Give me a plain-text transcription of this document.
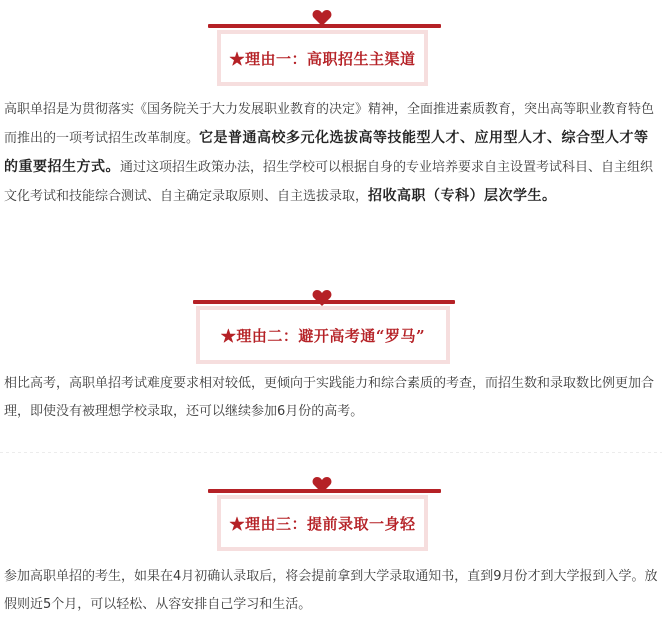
★理由一：高职招生主渠道
高职单招是为贯彻落实《国务院关于大力发展职业教育的决定》精神，全面推进素质教育，突出高等职业教育特色而推出的一项考试招生改革制度。它是普通高校多元化选拔高等技能型人才、应用型人才、综合型人才等的重要招生方式。通过这项招生政策办法，招生学校可以根据自身的专业培养要求自主设置考试科目、自主组织文化考试和技能综合测试、自主确定录取原则、自主选拔录取，招收高职（专科）层次学生。
★理由二：避开高考通“罗马”
相比高考，高职单招考试难度要求相对较低，更倾向于实践能力和综合素质的考查，而招生数和录取数比例更加合理，即使没有被理想学校录取，还可以继续参加6月份的高考。
★理由三：提前录取一身轻
参加高职单招的考生，如果在4月初确认录取后，将会提前拿到大学录取通知书，直到9月份才到大学报到入学。放假则近5个月，可以轻松、从容安排自己学习和生活。
